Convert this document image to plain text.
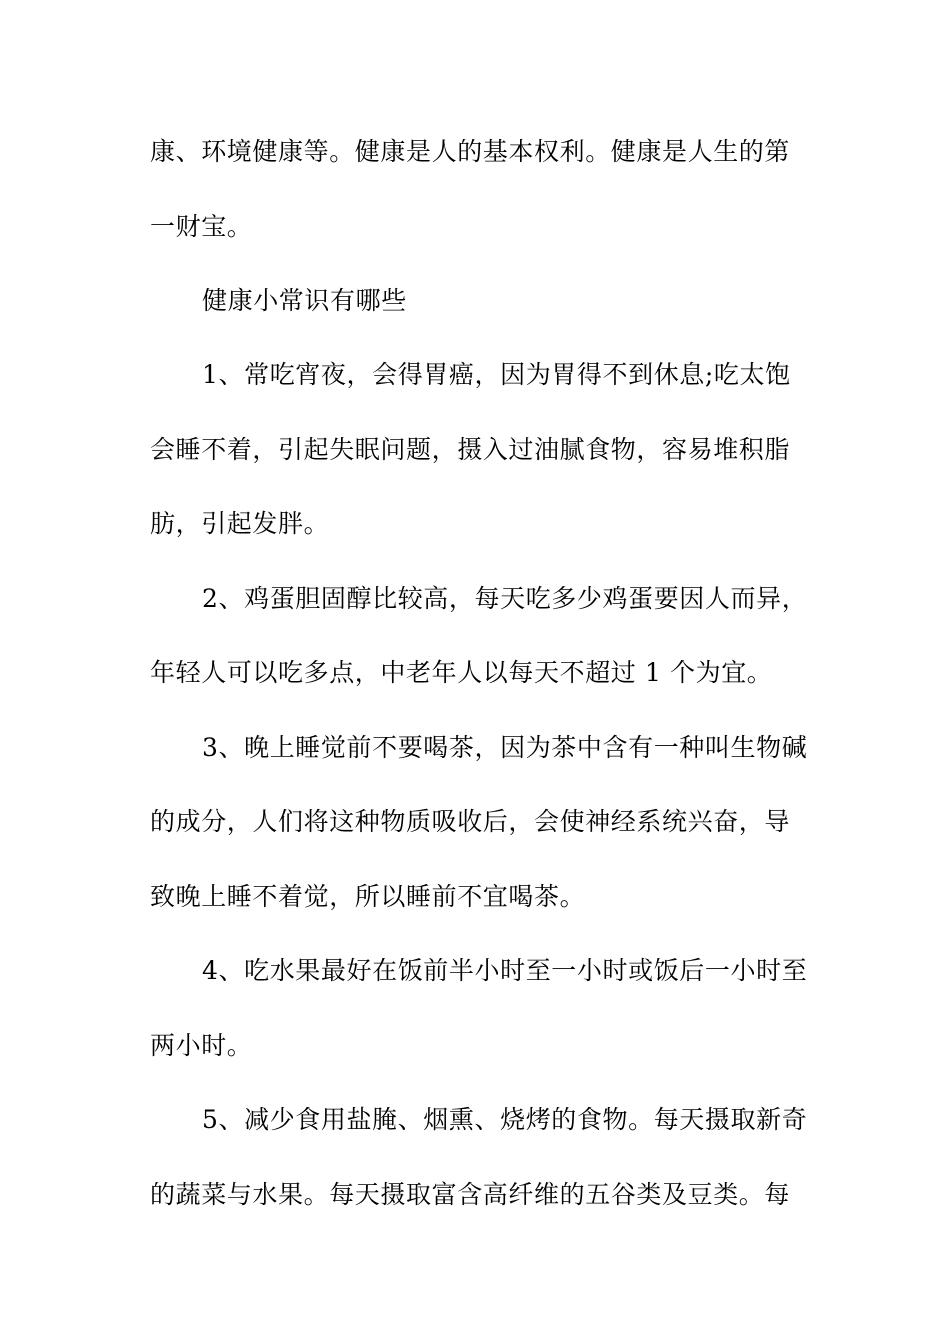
康、环境健康等。健康是人的基本权利。健康是人生的第
一财宝。
健康小常识有哪些
1、常吃宵夜，会得胃癌，因为胃得不到休息;吃太饱
会睡不着，引起失眠问题，摄入过油腻食物，容易堆积脂
肪，引起发胖。
2、鸡蛋胆固醇比较高，每天吃多少鸡蛋要因人而异，
年轻人可以吃多点，中老年人以每天不超过 1 个为宜。
3、晚上睡觉前不要喝茶，因为茶中含有一种叫生物碱
的成分，人们将这种物质吸收后，会使神经系统兴奋，导
致晚上睡不着觉，所以睡前不宜喝茶。
4、吃水果最好在饭前半小时至一小时或饭后一小时至
两小时。
5、减少食用盐腌、烟熏、烧烤的食物。每天摄取新奇
的蔬菜与水果。每天摄取富含高纤维的五谷类及豆类。每
